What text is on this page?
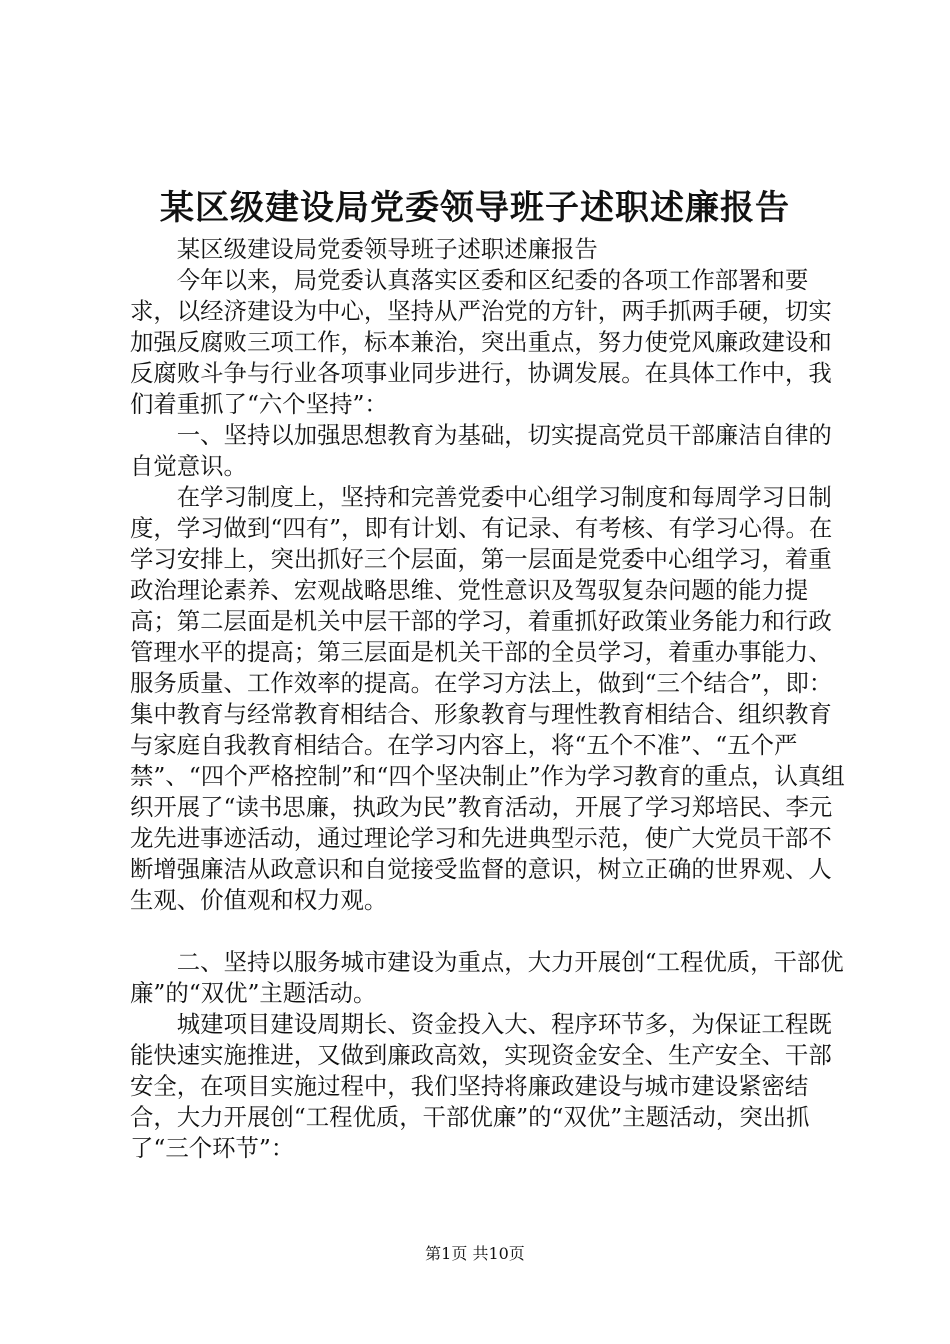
某区级建设局党委领导班子述职述廉报告

某区级建设局党委领导班子述职述廉报告

今年以来，局党委认真落实区委和区纪委的各项工作部署和要求，以经济建设为中心，坚持从严治党的方针，两手抓两手硬，切实加强反腐败三项工作，标本兼治，突出重点，努力使党风廉政建设和反腐败斗争与行业各项事业同步进行，协调发展。在具体工作中，我们着重抓了“六个坚持”：

一、坚持以加强思想教育为基础，切实提高党员干部廉洁自律的自觉意识。

在学习制度上，坚持和完善党委中心组学习制度和每周学习日制度，学习做到“四有”，即有计划、有记录、有考核、有学习心得。在学习安排上，突出抓好三个层面，第一层面是党委中心组学习，着重政治理论素养、宏观战略思维、党性意识及驾驭复杂问题的能力提高；第二层面是机关中层干部的学习，着重抓好政策业务能力和行政管理水平的提高；第三层面是机关干部的全员学习，着重办事能力、服务质量、工作效率的提高。在学习方法上，做到“三个结合”，即：集中教育与经常教育相结合、形象教育与理性教育相结合、组织教育与家庭自我教育相结合。在学习内容上，将“五个不准”、“五个严禁”、“四个严格控制”和“四个坚决制止”作为学习教育的重点，认真组织开展了“读书思廉，执政为民”教育活动，开展了学习郑培民、李元龙先进事迹活动，通过理论学习和先进典型示范，使广大党员干部不断增强廉洁从政意识和自觉接受监督的意识，树立正确的世界观、人生观、价值观和权力观。

二、坚持以服务城市建设为重点，大力开展创“工程优质，干部优廉”的“双优”主题活动。

城建项目建设周期长、资金投入大、程序环节多，为保证工程既能快速实施推进，又做到廉政高效，实现资金安全、生产安全、干部安全，在项目实施过程中，我们坚持将廉政建设与城市建设紧密结合，大力开展创“工程优质，干部优廉”的“双优”主题活动，突出抓了“三个环节”：

第1页 共10页
